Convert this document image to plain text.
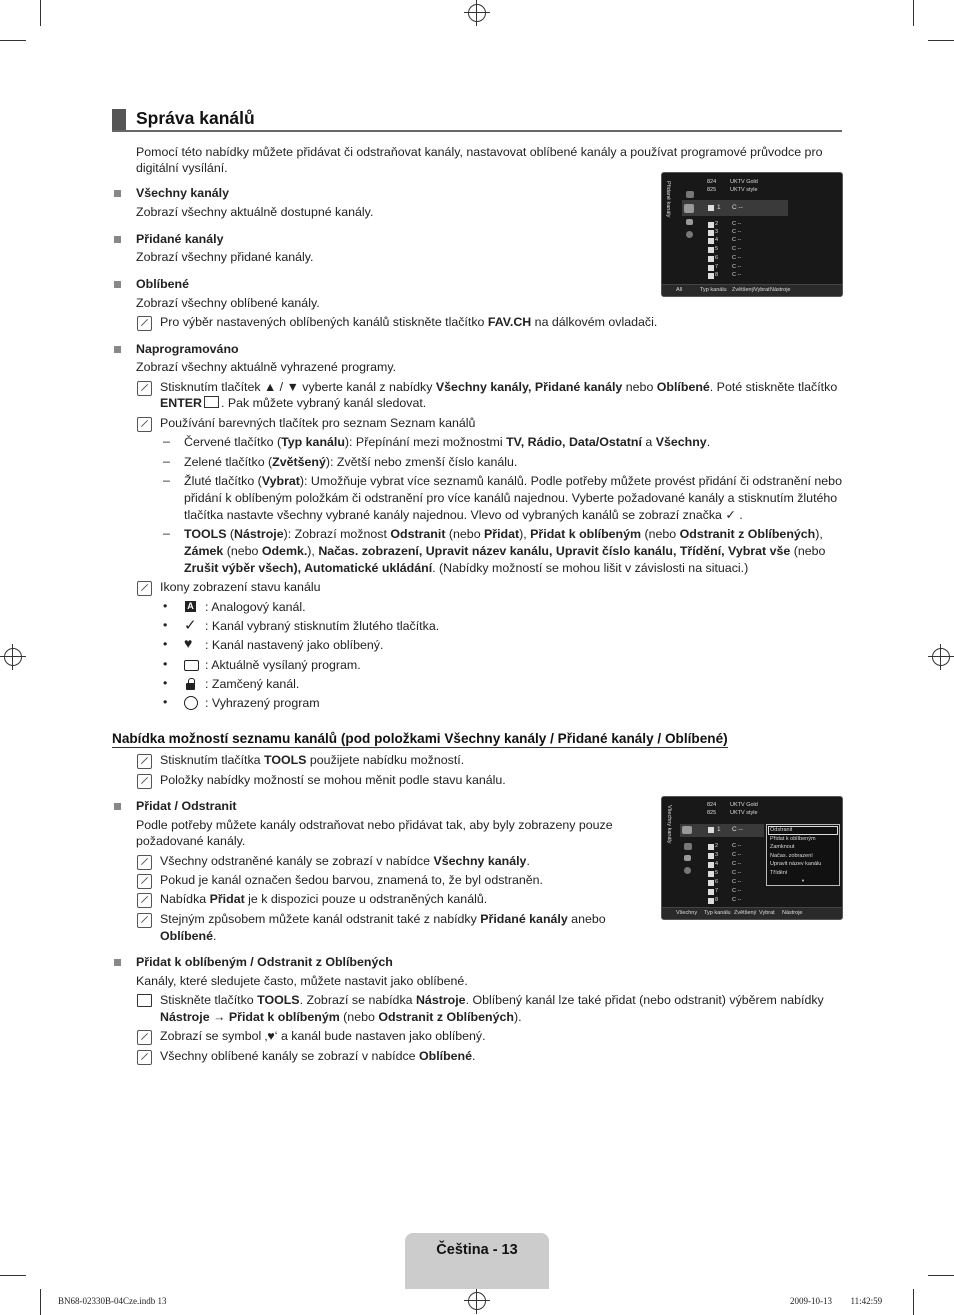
Správa kanálů
Pomocí této nabídky můžete přidávat či odstraňovat kanály, nastavovat oblíbené kanály a používat programové průvodce pro
digitální vysílání.
Všechny kanály
Zobrazí všechny aktuálně dostupné kanály.
Přidané kanály
Zobrazí všechny přidané kanály.
Oblíbené
Zobrazí všechny oblíbené kanály.
Pro výběr nastavených oblíbených kanálů stiskněte tlačítko FAV.CH na dálkovém ovladači.
Přidané kanály	824	UKTV Gold
825	UKTV style
1 C --
2	C --
3	C --
4	C --
5	C --
6	C --
7	C --
8	C --
All	Typ kanálu Zvětšený Vybrat Nástroje
Naprogramováno
Zobrazí všechny aktuálně vyhrazené programy.
Stisknutím tlačítek ▲ / ▼ vyberte kanál z nabídky Všechny kanály, Přidané kanály nebo Oblíbené. Poté stiskněte tlačítko
ENTER . Pak můžete vybraný kanál sledovat.
Používání barevných tlačítek pro seznam Seznam kanálů
– Červené tlačítko (Typ kanálu): Přepínání mezi možnostmi TV, Rádio, Data/Ostatní a Všechny.
– Zelené tlačítko (Zvětšený): Zvětší nebo zmenší číslo kanálu.
– Žluté tlačítko (Vybrat): Umožňuje vybrat více seznamů kanálů. Podle potřeby můžete provést přidání či odstranění nebo
přidání k oblíbeným položkám či odstranění pro více kanálů najednou. Vyberte požadované kanály a stisknutím žlutého
tlačítka nastavte všechny vybrané kanály najednou. Vlevo od vybraných kanálů se zobrazí značka ✓ .
– TOOLS (Nástroje): Zobrazí možnost Odstranit (nebo Přidat), Přidat k oblíbeným (nebo Odstranit z Oblíbených),
Zámek (nebo Odemk.), Načas. zobrazení, Upravit název kanálu, Upravit číslo kanálu, Třídění, Vybrat vše (nebo
Zrušit výběr všech), Automatické ukládání. (Nabídky možností se mohou lišit v závislosti na situaci.)
Ikony zobrazení stavu kanálu
• A : Analogový kanál.
• ✓ : Kanál vybraný stisknutím žlutého tlačítka.
• ♥ : Kanál nastavený jako oblíbený.
•	: Aktuálně vysílaný program.
•	: Zamčený kanál.
•	: Vyhrazený program
Nabídka možností seznamu kanálů (pod položkami Všechny kanály / Přidané kanály / Oblíbené)
Stisknutím tlačítka TOOLS použijete nabídku možností.
Položky nabídky možností se mohou měnit podle stavu kanálu.
Přidat / Odstranit
Podle potřeby můžete kanály odstraňovat nebo přidávat tak, aby byly zobrazeny pouze
požadované kanály.
Všechny odstraněné kanály se zobrazí v nabídce Všechny kanály.
Pokud je kanál označen šedou barvou, znamená to, že byl odstraněn.
Nabídka Přidat je k dispozici pouze u odstraněných kanálů.
Stejným způsobem můžete kanál odstranit také z nabídky Přidané kanály anebo
Oblíbené.
Všechny kanály	824	UKTV Gold
825	UKTV style
1 C --
2	C --
3	C --
4	C --
5	C --
6	C --
7	C --
8	C --
Odstranit
Přidat k oblíbeným
Zamknout
Načas. zobrazení
Upravit název kanálu
Třídění
▼
Všechny Typ kanálu Zvětšený Vybrat Nástroje
Přidat k oblíbeným / Odstranit z Oblíbených
Kanály, které sledujete často, můžete nastavit jako oblíbené.
Stiskněte tlačítko TOOLS. Zobrazí se nabídka Nástroje. Oblíbený kanál lze také přidat (nebo odstranit) výběrem nabídky
Nástroje → Přidat k oblíbeným (nebo Odstranit z Oblíbených).
Zobrazí se symbol ‚♥‘ a kanál bude nastaven jako oblíbený.
Všechny oblíbené kanály se zobrazí v nabídce Oblíbené.
Čeština - 13
BN68-02330B-04Cze.indb 13	2009-10-13 ￿￿ 11:42:59
